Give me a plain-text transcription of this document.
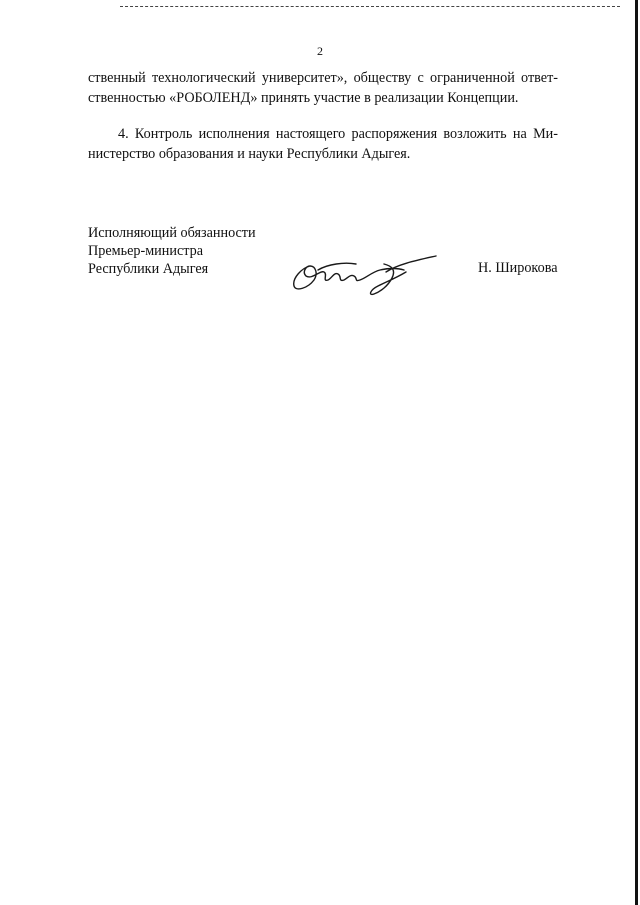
2

ственный технологический университет», обществу с ограниченной ответ-
ственностью «РОБОЛЕНД» принять участие в реализации Концепции.

4. Контроль исполнения настоящего распоряжения возложить на Ми-
нистерство образования и науки Республики Адыгея.

Исполняющий обязанности
Премьер-министра
Республики Адыгея	Н. Широкова
